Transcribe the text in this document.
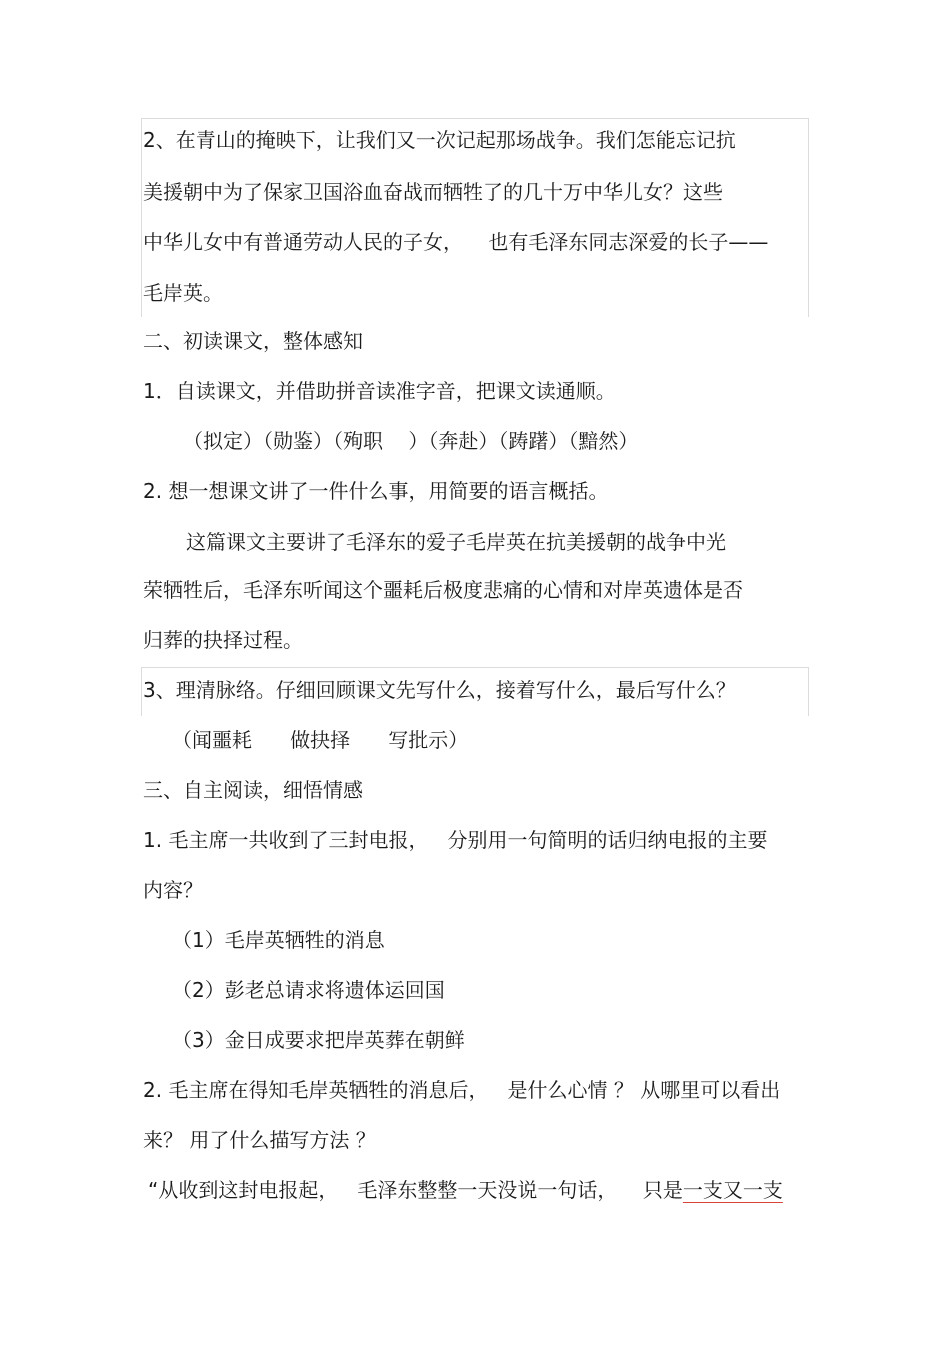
2、在青山的掩映下，让我们又一次记起那场战争。我们怎能忘记抗
美援朝中为了保家卫国浴血奋战而牺牲了的几十万中华儿女？这些
中华儿女中有普通劳动人民的子女，    也有毛泽东同志深爱的长子——
毛岸英。
二、初读课文，整体感知
1．自读课文，并借助拼音读准字音，把课文读通顺。
（拟定）（勋鉴）（殉职    ）（奔赴）（踌躇）（黯然）
2. 想一想课文讲了一件什么事，用简要的语言概括。
这篇课文主要讲了毛泽东的爱子毛岸英在抗美援朝的战争中光
荣牺牲后，毛泽东听闻这个噩耗后极度悲痛的心情和对岸英遗体是否
归葬的抉择过程。
3、理清脉络。仔细回顾课文先写什么，接着写什么，最后写什么？
（闻噩耗      做抉择      写批示）
三、自主阅读，细悟情感
1. 毛主席一共收到了三封电报，   分别用一句简明的话归纳电报的主要
内容？
（1）毛岸英牺牲的消息
（2）彭老总请求将遗体运回国
（3）金日成要求把岸英葬在朝鲜
2. 毛主席在得知毛岸英牺牲的消息后，   是什么心情 ？ 从哪里可以看出
来？ 用了什么描写方法 ？
“从收到这封电报起，   毛泽东整整一天没说一句话，    只是一支又一支
